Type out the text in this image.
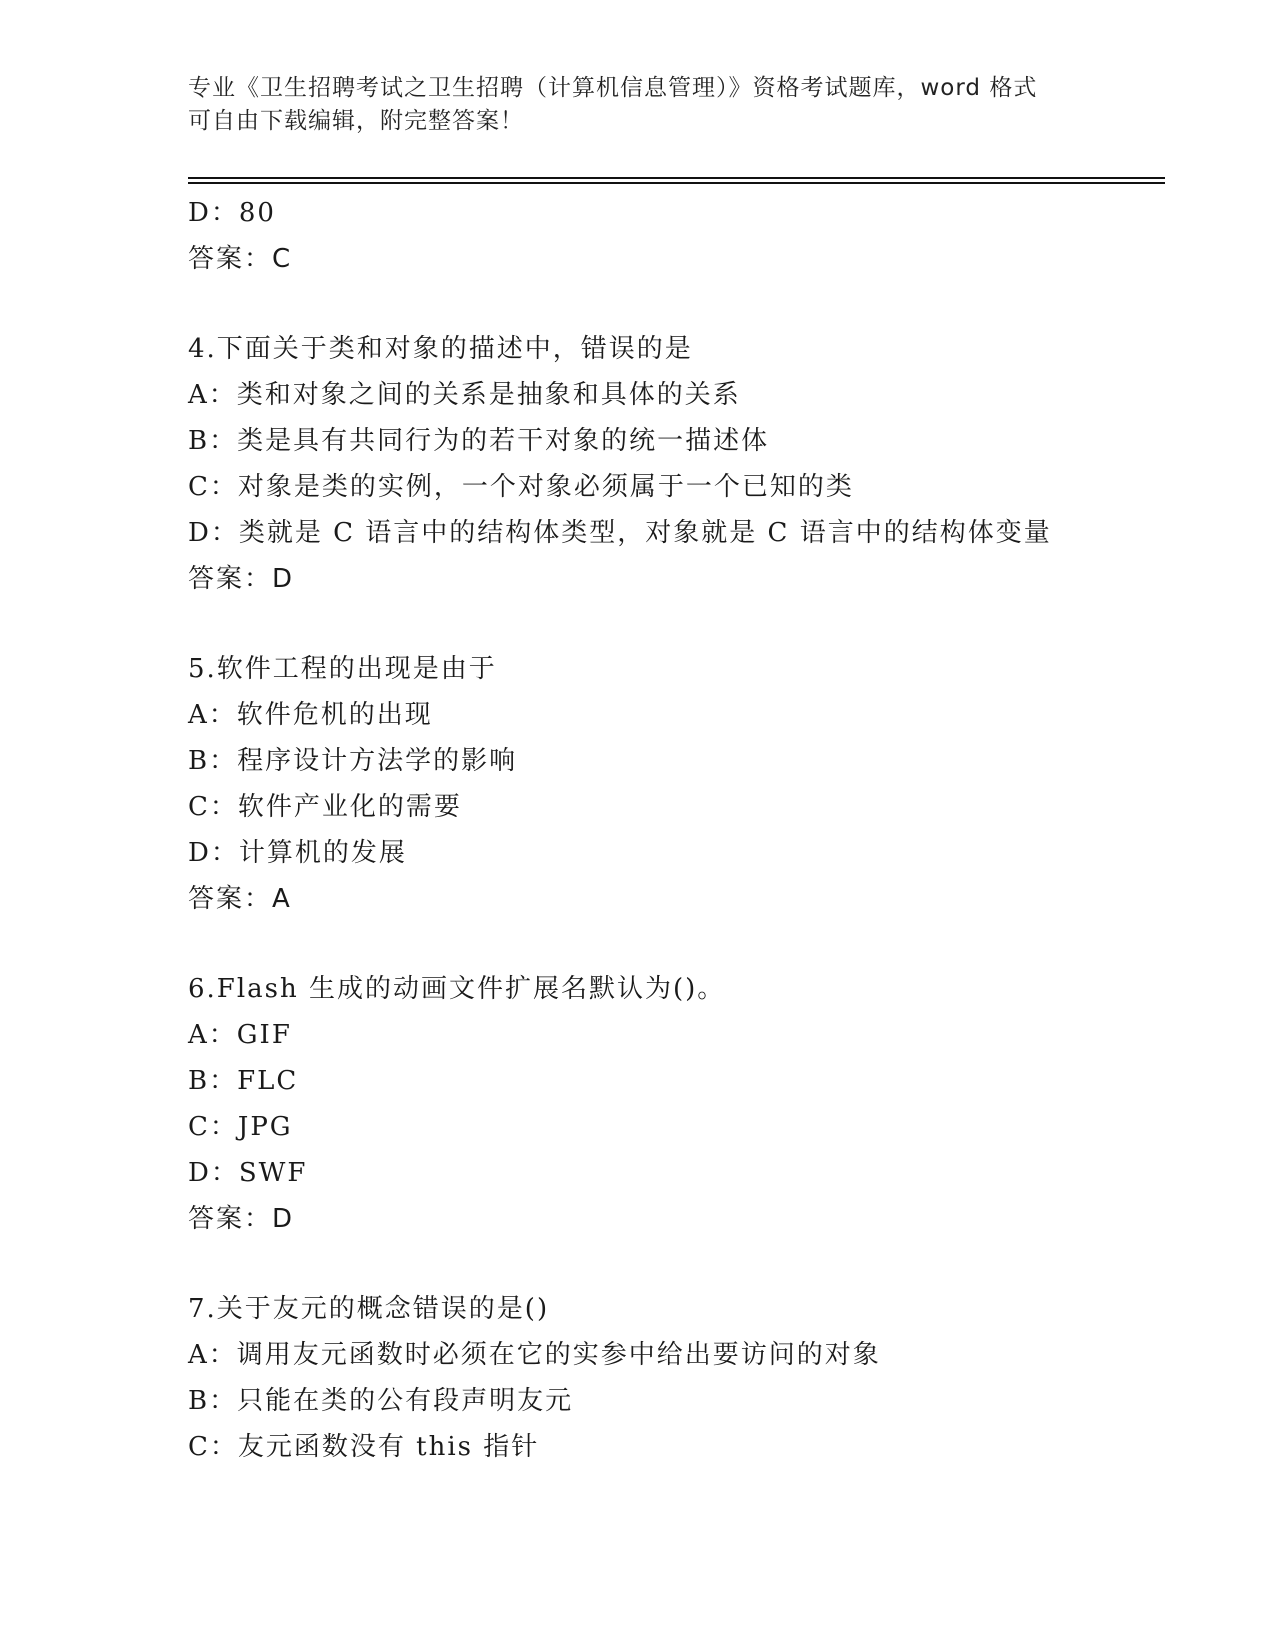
专业《卫生招聘考试之卫生招聘（计算机信息管理）》资格考试题库，word 格式

可自由下载编辑，附完整答案！

D：80
答案：C
4.下面关于类和对象的描述中，错误的是
A：类和对象之间的关系是抽象和具体的关系
B：类是具有共同行为的若干对象的统一描述体
C：对象是类的实例，一个对象必须属于一个已知的类
D：类就是 C 语言中的结构体类型，对象就是 C 语言中的结构体变量
答案：D
5.软件工程的出现是由于
A：软件危机的出现
B：程序设计方法学的影响
C：软件产业化的需要
D：计算机的发展
答案：A
6.Flash 生成的动画文件扩展名默认为()。
A：GIF
B：FLC
C：JPG
D：SWF
答案：D
7.关于友元的概念错误的是()
A：调用友元函数时必须在它的实参中给出要访问的对象
B：只能在类的公有段声明友元
C：友元函数没有 this 指针
